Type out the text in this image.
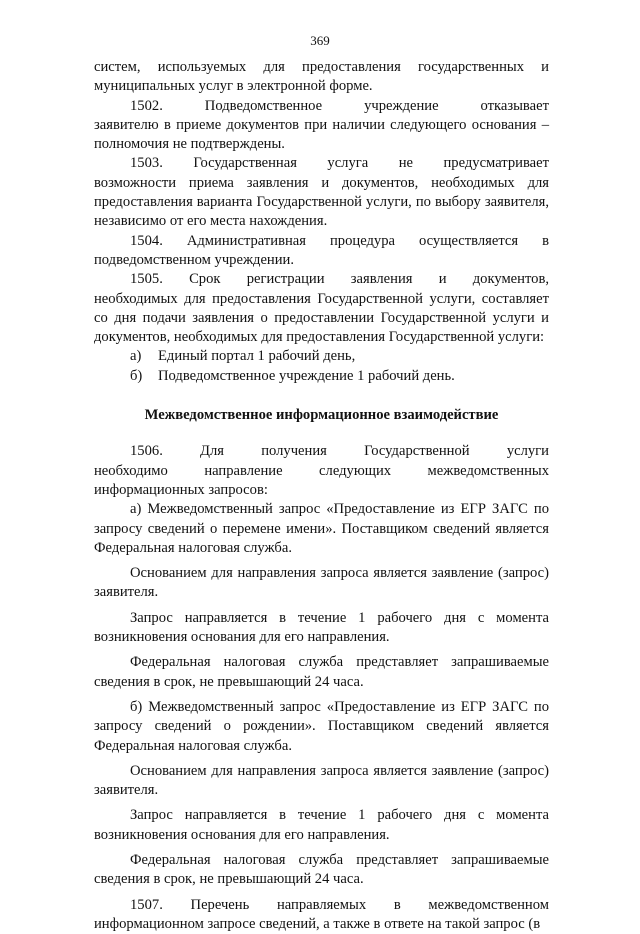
369

систем, используемых для предоставления государственных и

муниципальных услуг в электронной форме.

1502.	Подведомственное	учреждение	отказывает

заявителю в приеме документов при наличии следующего основания – полномочия не подтверждены.

1503. Государственная услуга не предусматривает

возможности приема заявления и документов, необходимых для предоставления варианта Государственной услуги, по выбору заявителя, независимо от его места нахождения.

1504. Административная процедура осуществляется в

подведомственном учреждении.

1505. Срок регистрации заявления и документов,

необходимых для предоставления Государственной услуги, составляет со дня подачи заявления о предоставлении Государственной услуги и документов, необходимых для предоставления Государственной услуги:

а) Единый портал 1 рабочий день,

б) Подведомственное учреждение 1 рабочий день.

Межведомственное информационное взаимодействие
1506.	Для	получения	Государственной	услуги

необходимо направление следующих межведомственных информационных запросов:

а) Межведомственный запрос «Предоставление из ЕГР ЗАГС по запросу сведений о перемене имени». Поставщиком сведений является Федеральная налоговая служба.

Основанием для направления запроса является заявление (запрос) заявителя.

Запрос направляется в течение 1 рабочего дня с момента возникновения основания для его направления.

Федеральная налоговая служба представляет запрашиваемые сведения в срок, не превышающий 24 часа.

б) Межведомственный запрос «Предоставление из ЕГР ЗАГС по запросу сведений о рождении». Поставщиком сведений является Федеральная налоговая служба.

Основанием для направления запроса является заявление (запрос) заявителя.

Запрос направляется в течение 1 рабочего дня с момента возникновения основания для его направления.

Федеральная налоговая служба представляет запрашиваемые сведения в срок, не превышающий 24 часа.

1507. Перечень направляемых в межведомственном

информационном запросе сведений, а также в ответе на такой запрос (в
